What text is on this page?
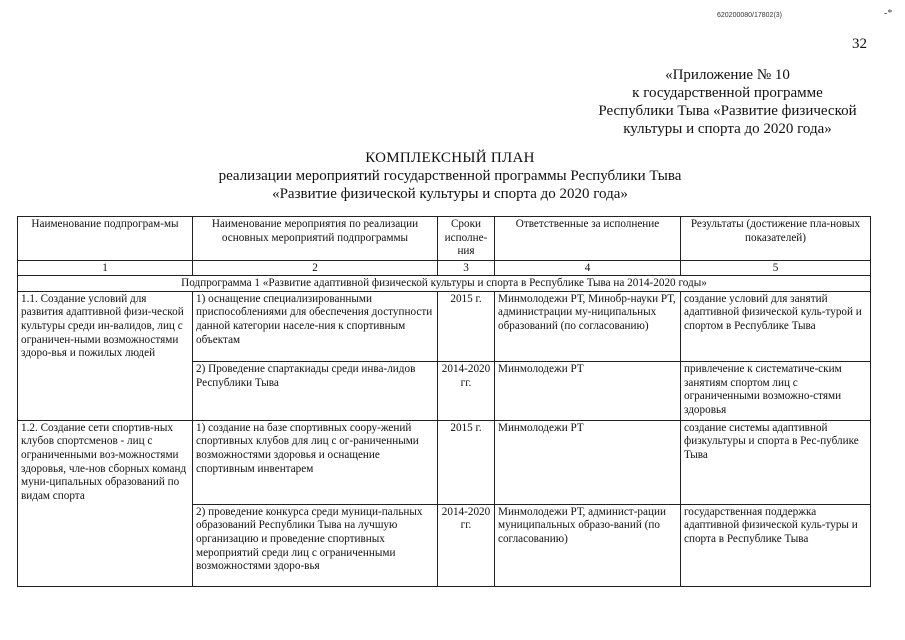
620200080/17802(3)	-*
32
«Приложение № 10
к государственной программе
Республики Тыва «Развитие физической
культуры и спорта до 2020 года»
КОМПЛЕКСНЫЙ ПЛАН
реализации мероприятий государственной программы Республики Тыва
«Развитие физической культуры и спорта до 2020 года»
Наименование подпрограм-мы	Наименование мероприятия по реализации основных мероприятий подпрограммы	Сроки исполне-ния	Ответственные за исполнение	Результаты (достижение пла-новых показателей)
1	2	3	4	5
Подпрограмма 1 «Развитие адаптивной физической культуры и спорта в Республике Тыва на 2014-2020 годы»				
1.1. Создание условий для развития адаптивной физи-ческой культуры среди ин-валидов, лиц с ограничен-ными возможностями здоро-вья и пожилых людей	1) оснащение специализированными приспособлениями для обеспечения доступности данной категории населе-ния к спортивным объектам	2015 г.	Минмолодежи РТ, Минобр-науки РТ, администрации му-ниципальных образований (по согласованию)	создание условий для занятий адаптивной физической куль-турой и спортом в Республике Тыва
	2) Проведение спартакиады среди инва-лидов Республики Тыва	2014-2020 гг.	Минмолодежи РТ	привлечение к систематиче-ским занятиям спортом лиц с ограниченными возможно-стями здоровья
1.2. Создание сети спортив-ных клубов спортсменов - лиц с ограниченными воз-можностями здоровья, чле-нов сборных команд муни-ципальных образований по видам спорта	1) создание на базе спортивных соору-жений спортивных клубов для лиц с ог-раниченными возможностями здоровья и оснащение спортивным инвентарем	2015 г.	Минмолодежи РТ	создание системы адаптивной физкультуры и спорта в Рес-публике Тыва
	2) проведение конкурса среди муници-пальных образований Республики Тыва на лучшую организацию и проведение спортивных мероприятий среди лиц с ограниченными возможностями здоро-вья	2014-2020 гг.	Минмолодежи РТ, админист-рации муниципальных образо-ваний (по согласованию)	государственная поддержка адаптивной физической куль-туры и спорта в Республике Тыва
